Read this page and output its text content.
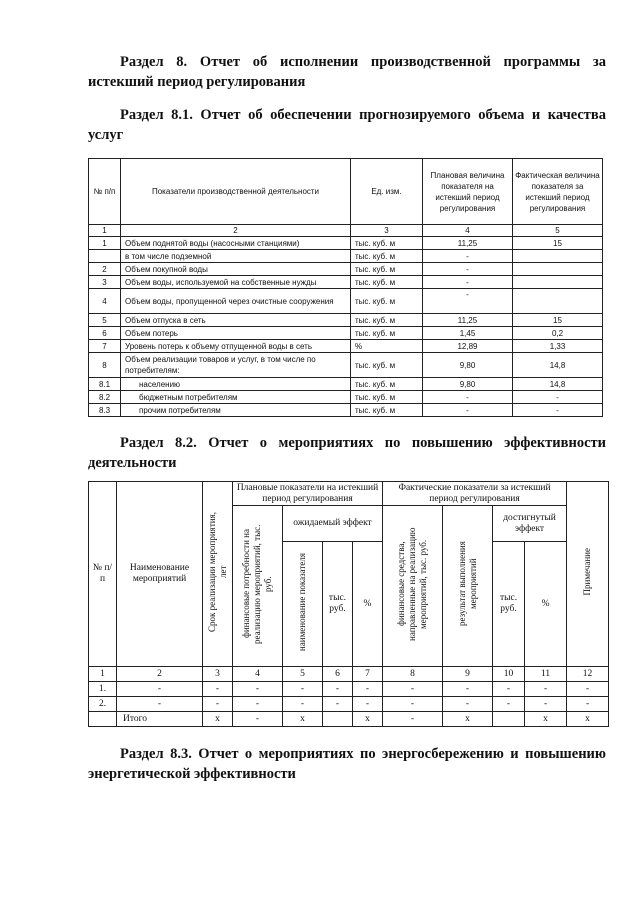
Раздел 8. Отчет об исполнении производственной программы за истекший период регулирования

Раздел 8.1. Отчет об обеспечении прогнозируемого объема и качества услуг

№ п/п	Показатели производственной деятельности	Ед. изм.	Плановая величина показателя на истекший период регулирования	Фактическая величина показателя за истекший период регулирования
1	2	3	4	5
1	Объем поднятой воды (насосными станциями)	тыс. куб. м	11,25	15
	в том числе подземной	тыс. куб. м	-	
2	Объем покупной воды	тыс. куб. м	-	
3	Объем воды, используемой на собственные нужды	тыс. куб. м	-	
4	Объем воды, пропущенной через очистные сооружения	тыс. куб. м	-	
5	Объем отпуска в сеть	тыс. куб. м	11,25	15
6	Объем потерь	тыс. куб. м	1,45	0,2
7	Уровень потерь к объему отпущенной воды в сеть	%	12,89	1,33
8	Объем реализации товаров и услуг, в том числе по потребителям:	тыс. куб. м	9,80	14,8
8.1	населению	тыс. куб. м	9,80	14,8
8.2	бюджетным потребителям	тыс. куб. м	-	-
8.3	прочим потребителям	тыс. куб. м	-	-

Раздел 8.2. Отчет о мероприятиях по повышению эффективности деятельности

№ п/п	Наименование мероприятий	Срок реализации мероприятия, лет	Плановые показатели на истекший период регулирования				Фактические показатели за истекший период регулирования				Примечание
			финансовые потребности на реализацию мероприятий, тыс. руб.	ожидаемый эффект			финансовые средства, направленные на реализацию мероприятий, тыс. руб.	результат выполнения мероприятий	достигнутый эффект		
				наименование показателя	тыс. руб.	%			тыс. руб.	%	

1	2	3	4	5	6	7	8	9	10	11	12
1.	-	-	-	-	-	-	-	-	-	-	-
2.	-	-	-	-	-	-	-	-	-	-	-
	Итого	х	-	х		х	-	х		х	х

Раздел 8.3. Отчет о мероприятиях по энергосбережению и повышению энергетической эффективности
